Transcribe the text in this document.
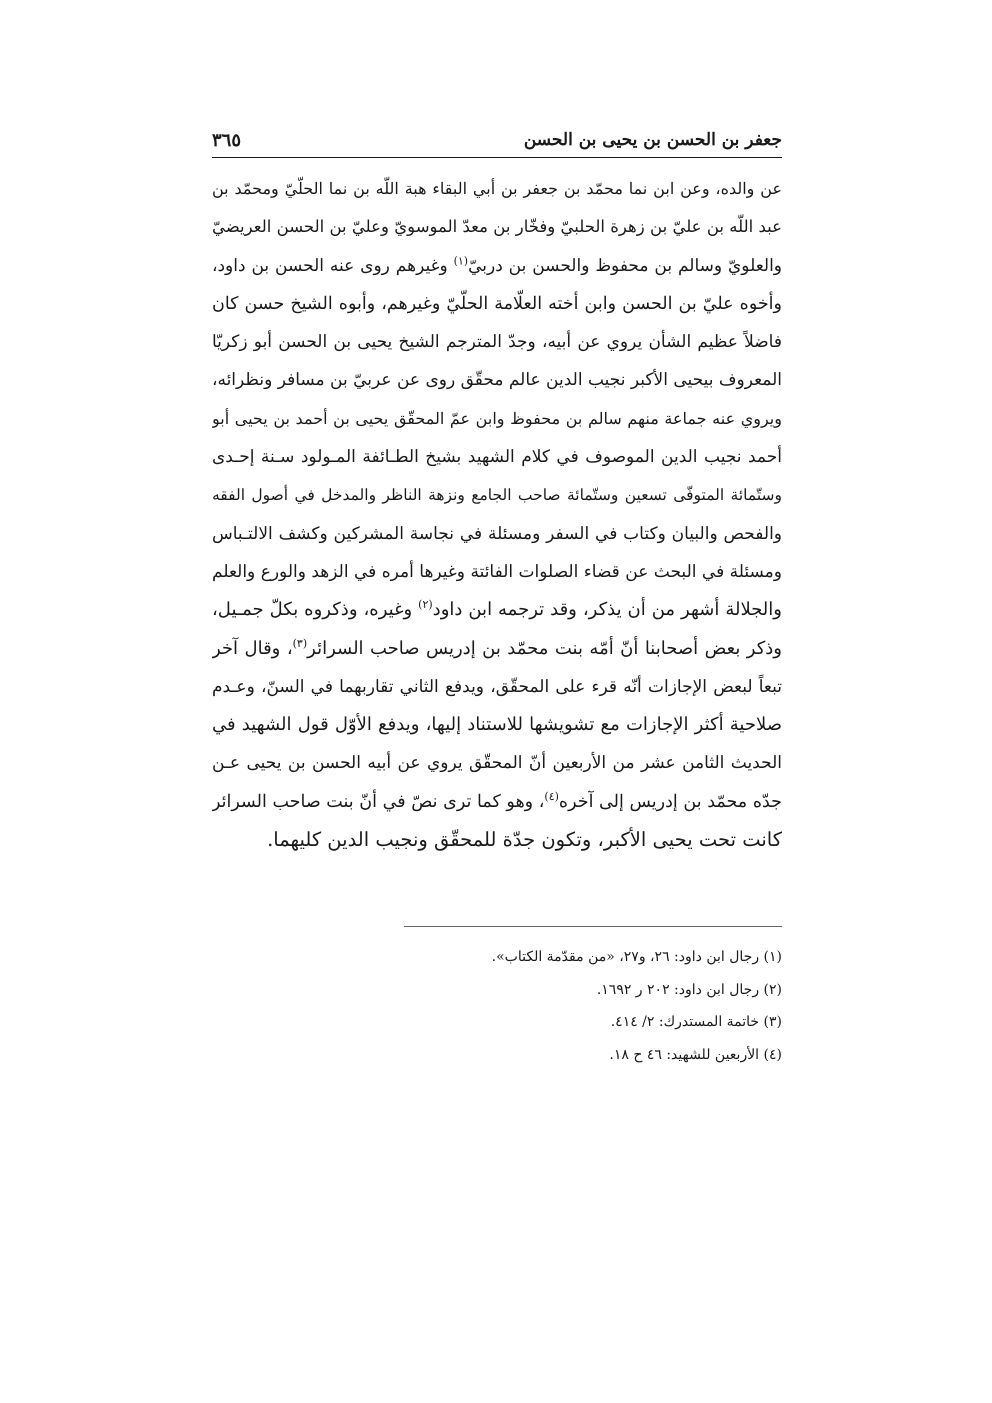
جعفر بن الحسن بن يحيى بن الحسن
٣٦٥
عن والده، وعن ابن نما محمّد بن جعفر بن أبي البقاء هبة اللّه بن نما الحلّيّ ومحمّد بن
عبد اللّه بن عليّ بن زهرة الحلبيّ وفخّار بن معدّ الموسويّ وعليّ بن الحسن العريضيّ
والعلويّ وسالم بن محفوظ والحسن بن دربيّ$^{(١)}$ وغيرهم روى عنه الحسن بن داود،
وأخوه عليّ بن الحسن وابن أخته العلّامة الحلّيّ وغيرهم، وأبوه الشيخ حسن كان
فاضلاً عظيم الشأن يروي عن أبيه، وجدّ المترجم الشيخ يحيى بن الحسن أبو زكريّا
المعروف بيحيى الأكبر نجيب الدين عالم محقّق روى عن عربيّ بن مسافر ونظرائه،
ويروي عنه جماعة منهم سالم بن محفوظ وابن عمّ المحقّق يحيى بن أحمد بن يحيى أبو
أحمد نجيب الدين الموصوف في كلام الشهيد بشيخ الطـائفة المـولود سـنة إحـدى
وستّمائة المتوفّى تسعين وستّمائة صاحب الجامع ونزهة الناظر والمدخل في أصول الفقه
والفحص والبيان وكتاب في السفر ومسئلة في نجاسة المشركين وكشف الالتـباس
ومسئلة في البحث عن قضاء الصلوات الفائتة وغيرها أمره في الزهد والورع والعلم
والجلالة أشهر من أن يذكر، وقد ترجمه ابن داود$^{(٢)}$ وغيره، وذكروه بكلّ جمـيل،
وذكر بعض أصحابنا أنّ أمّه بنت محمّد بن إدريس صاحب السرائر$^{(٣)}$، وقال آخر
تبعاً لبعض الإجازات أنّه قرء على المحقّق، ويدفع الثاني تقاربهما في السنّ، وعـدم
صلاحية أكثر الإجازات مع تشويشها للاستناد إليها، ويدفع الأوّل قول الشهيد في
الحديث الثامن عشر من الأربعين أنّ المحقّق يروي عن أبيه الحسن بن يحيى عـن
جدّه محمّد بن إدريس إلى آخره$^{(٤)}$، وهو كما ترى نصّ في أنّ بنت صاحب السرائر
كانت تحت يحيى الأكبر، وتكون جدّة للمحقّق ونجيب الدين كليهما.
(١) رجال ابن داود: ٢٦، و٢٧، «من مقدّمة الكتاب».
(٢) رجال ابن داود: ٢٠٢ ر ١٦٩٢.
(٣) خاتمة المستدرك: ٢/ ٤١٤.
(٤) الأربعين للشهيد: ٤٦ ح ١٨.
